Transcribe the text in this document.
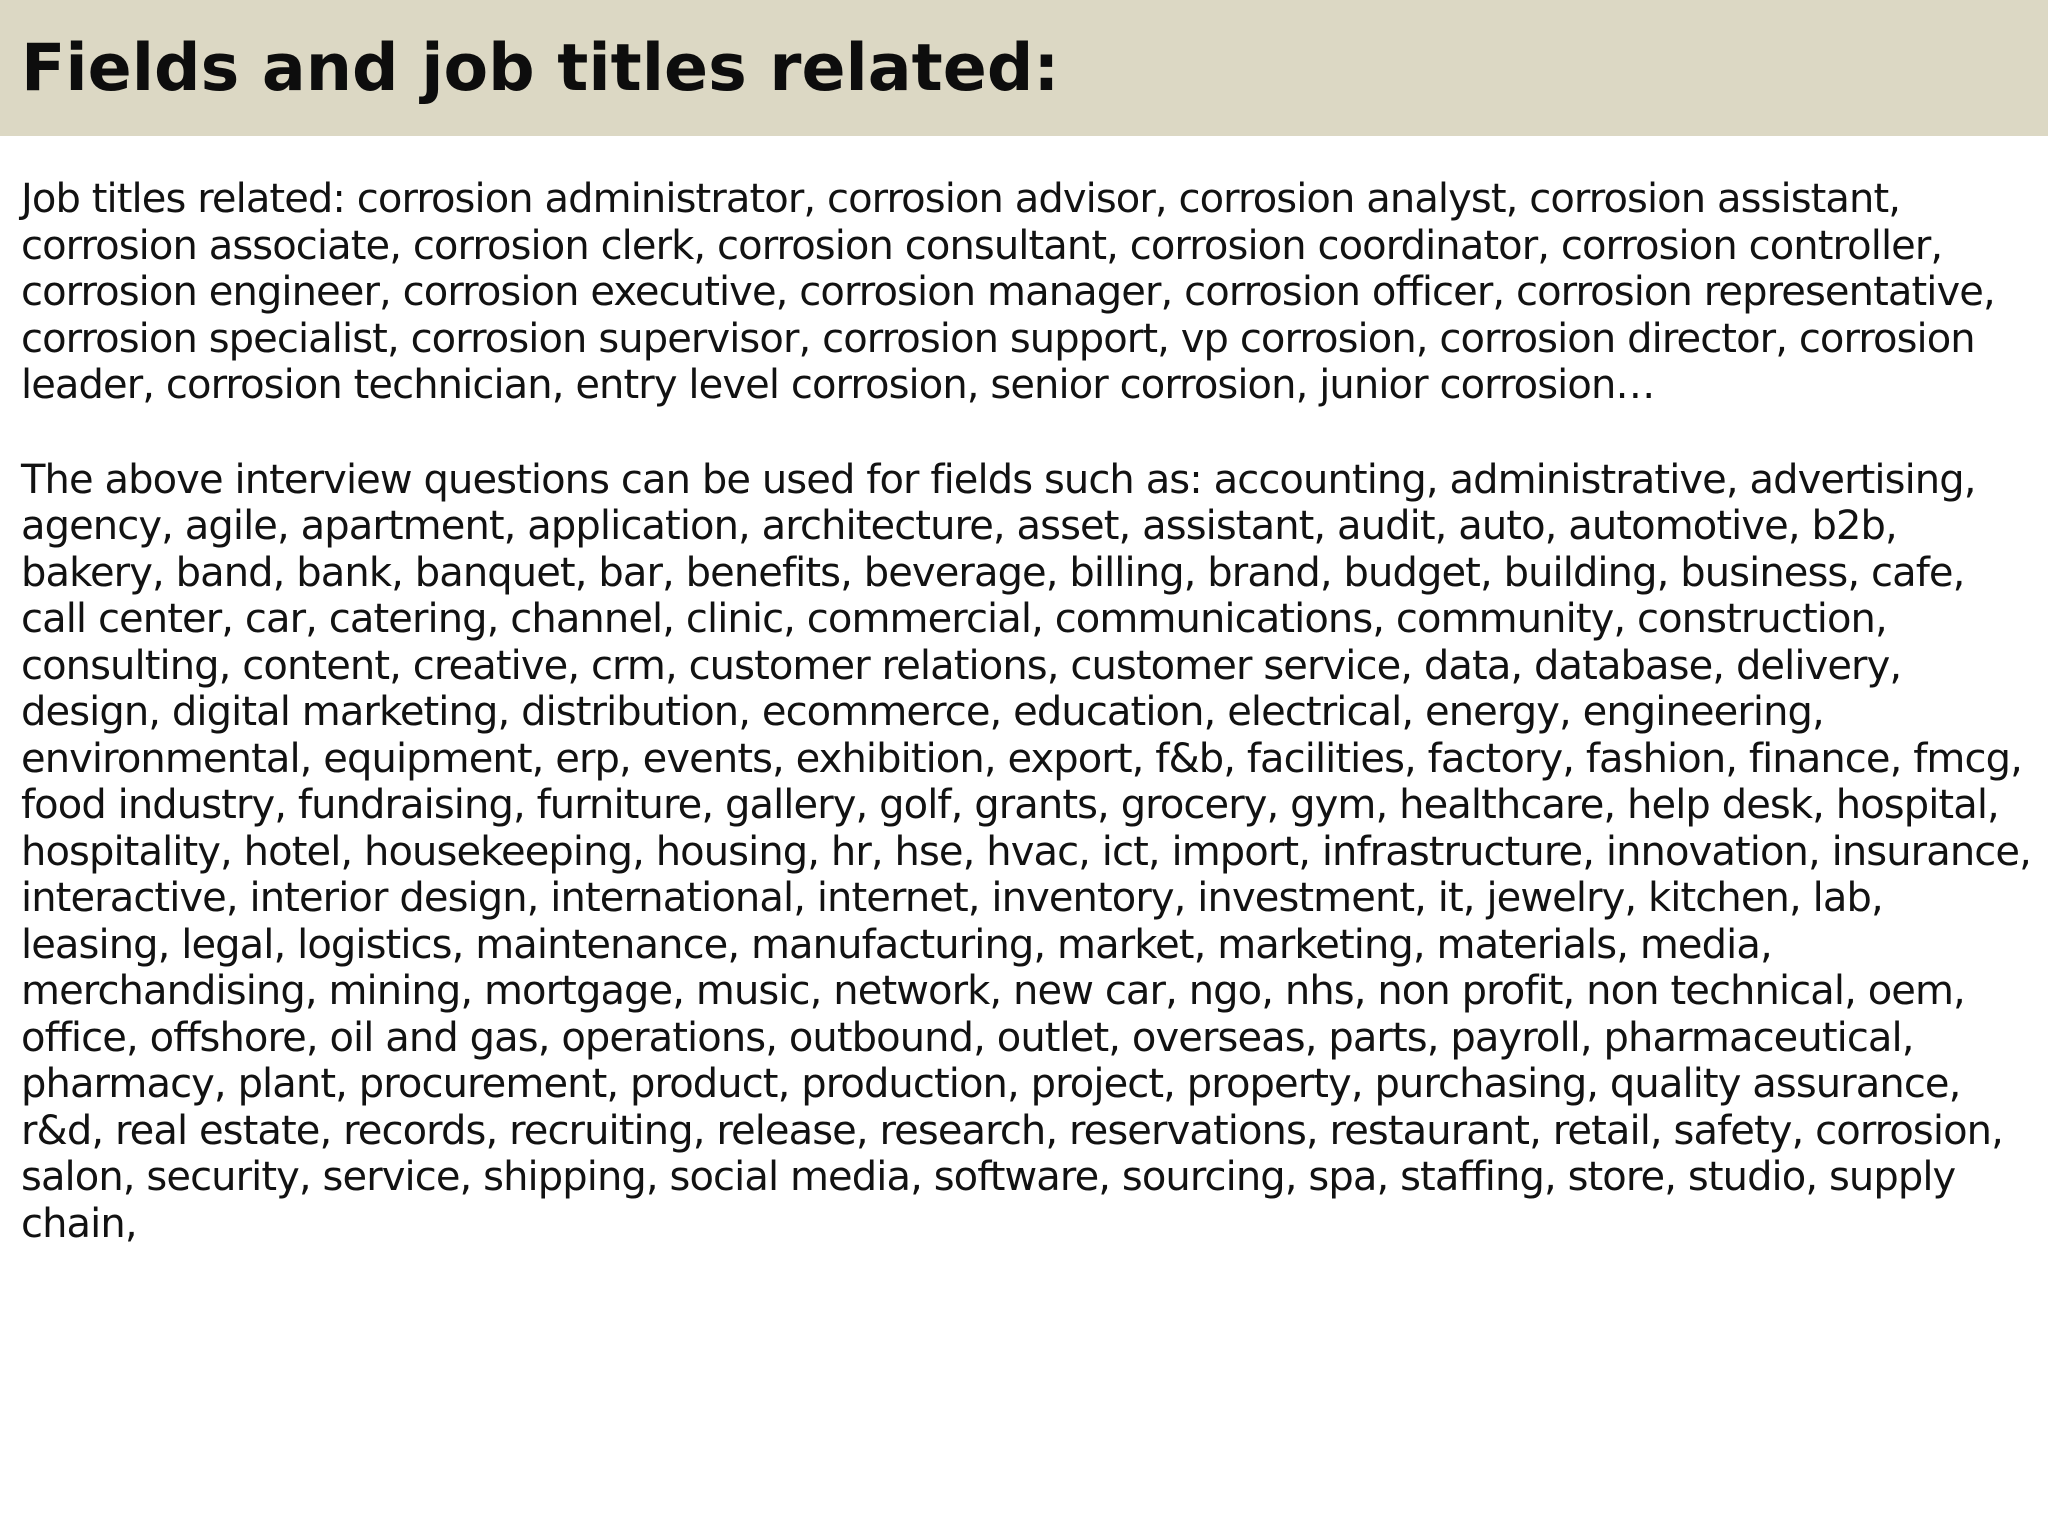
Fields and job titles related:

Job titles related: corrosion administrator, corrosion advisor, corrosion analyst, corrosion assistant, corrosion associate, corrosion clerk, corrosion consultant, corrosion coordinator, corrosion controller, corrosion engineer, corrosion executive, corrosion manager, corrosion officer, corrosion representative, corrosion specialist, corrosion supervisor, corrosion support, vp corrosion, corrosion director, corrosion leader, corrosion technician, entry level corrosion, senior corrosion, junior corrosion…

The above interview questions can be used for fields such as: accounting, administrative, advertising, agency, agile, apartment, application, architecture, asset, assistant, audit, auto, automotive, b2b, bakery, band, bank, banquet, bar, benefits, beverage, billing, brand, budget, building, business, cafe, call center, car, catering, channel, clinic, commercial, communications, community, construction, consulting, content, creative, crm, customer relations, customer service, data, database, delivery, design, digital marketing, distribution, ecommerce, education, electrical, energy, engineering, environmental, equipment, erp, events, exhibition, export, f&b, facilities, factory, fashion, finance, fmcg, food industry, fundraising, furniture, gallery, golf, grants, grocery, gym, healthcare, help desk, hospital, hospitality, hotel, housekeeping, housing, hr, hse, hvac, ict, import, infrastructure, innovation, insurance, interactive, interior design, international, internet, inventory, investment, it, jewelry, kitchen, lab, leasing, legal, logistics, maintenance, manufacturing, market, marketing, materials, media, merchandising, mining, mortgage, music, network, new car, ngo, nhs, non profit, non technical, oem, office, offshore, oil and gas, operations, outbound, outlet, overseas, parts, payroll, pharmaceutical, pharmacy, plant, procurement, product, production, project, property, purchasing, quality assurance, r&d, real estate, records, recruiting, release, research, reservations, restaurant, retail, safety, corrosion, salon, security, service, shipping, social media, software, sourcing, spa, staffing, store, studio, supply chain,
